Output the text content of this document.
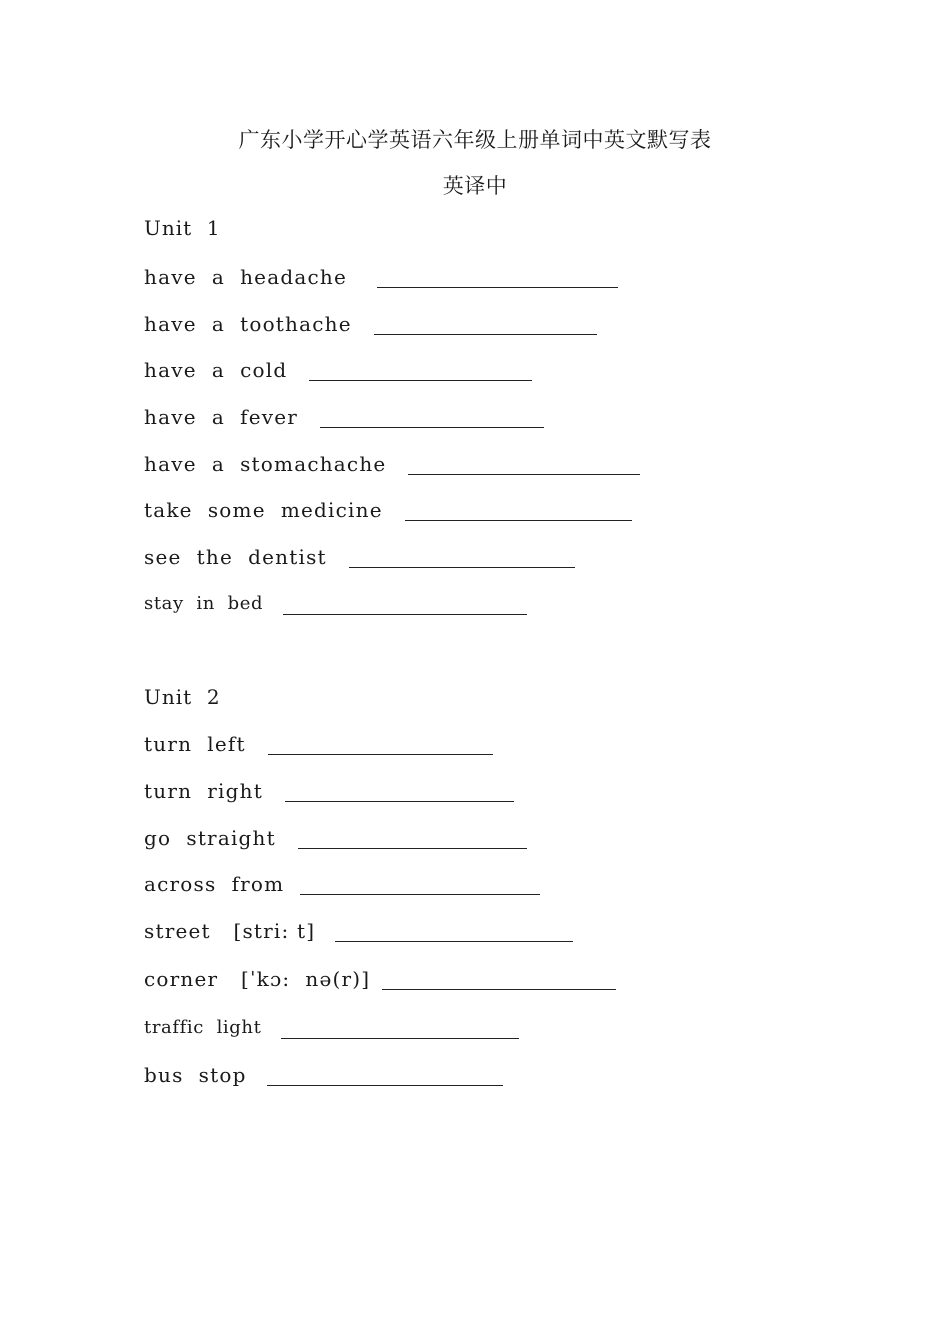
广东小学开心学英语六年级上册单词中英文默写表
英译中
Unit  1
have  a  headache
have  a  toothache
have  a  cold
have  a  fever
have  a  stomachache
take  some  medicine
see  the  dentist
stay  in  bed
Unit  2
turn  left
turn  right
go  straight
across  from
street   [stri: t]
corner   [ˈkɔ:  nə(r)]
traffic  light
bus  stop
